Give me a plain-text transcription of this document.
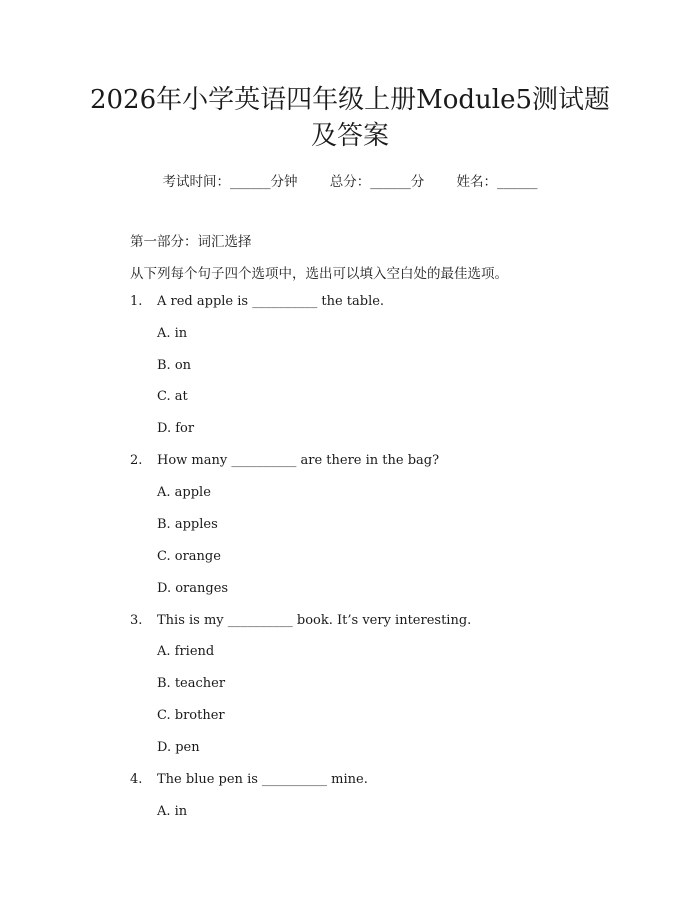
2026年小学英语四年级上册Module5测试题
及答案
考试时间：______分钟 总分：______分 姓名：______
第一部分：词汇选择
从下列每个句子四个选项中，选出可以填入空白处的最佳选项。
1. A red apple is __________ the table.
A. in
B. on
C. at
D. for
2. How many __________ are there in the bag?
A. apple
B. apples
C. orange
D. oranges
3. This is my __________ book. It’s very interesting.
A. friend
B. teacher
C. brother
D. pen
4. The blue pen is __________ mine.
A. in
